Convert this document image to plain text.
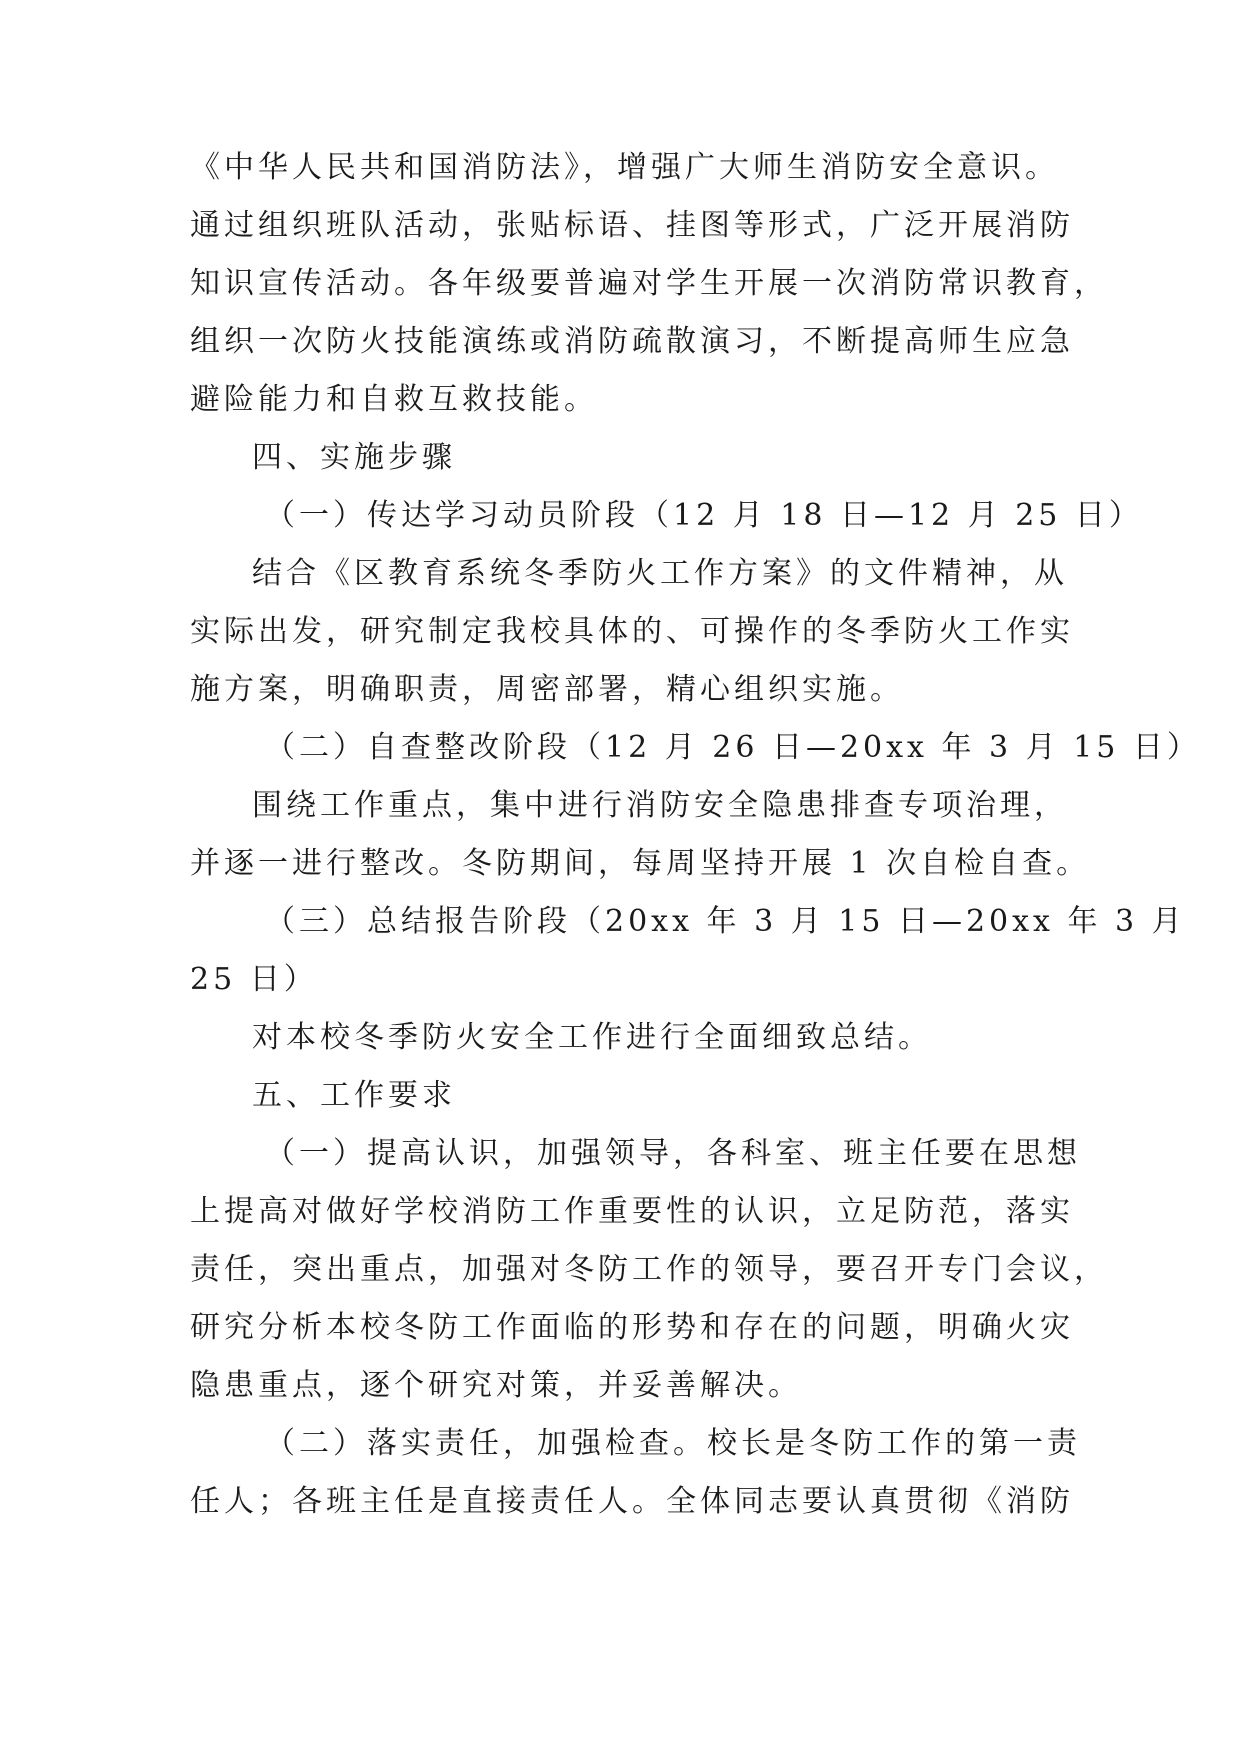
《中华人民共和国消防法》，增强广大师生消防安全意识。
通过组织班队活动，张贴标语、挂图等形式，广泛开展消防
知识宣传活动。各年级要普遍对学生开展一次消防常识教育，
组织一次防火技能演练或消防疏散演习，不断提高师生应急
避险能力和自救互救技能。
四、实施步骤
（一）传达学习动员阶段（12 月 18 日—12 月 25 日）
结合《区教育系统冬季防火工作方案》的文件精神，从
实际出发，研究制定我校具体的、可操作的冬季防火工作实
施方案，明确职责，周密部署，精心组织实施。
（二）自查整改阶段（12 月 26 日—20xx 年 3 月 15 日）
围绕工作重点，集中进行消防安全隐患排查专项治理，
并逐一进行整改。冬防期间，每周坚持开展 1 次自检自查。
（三）总结报告阶段（20xx 年 3 月 15 日—20xx 年 3 月
25 日）
对本校冬季防火安全工作进行全面细致总结。
五、工作要求
（一）提高认识，加强领导，各科室、班主任要在思想
上提高对做好学校消防工作重要性的认识，立足防范，落实
责任，突出重点，加强对冬防工作的领导，要召开专门会议，
研究分析本校冬防工作面临的形势和存在的问题，明确火灾
隐患重点，逐个研究对策，并妥善解决。
（二）落实责任，加强检查。校长是冬防工作的第一责
任人；各班主任是直接责任人。全体同志要认真贯彻《消防
